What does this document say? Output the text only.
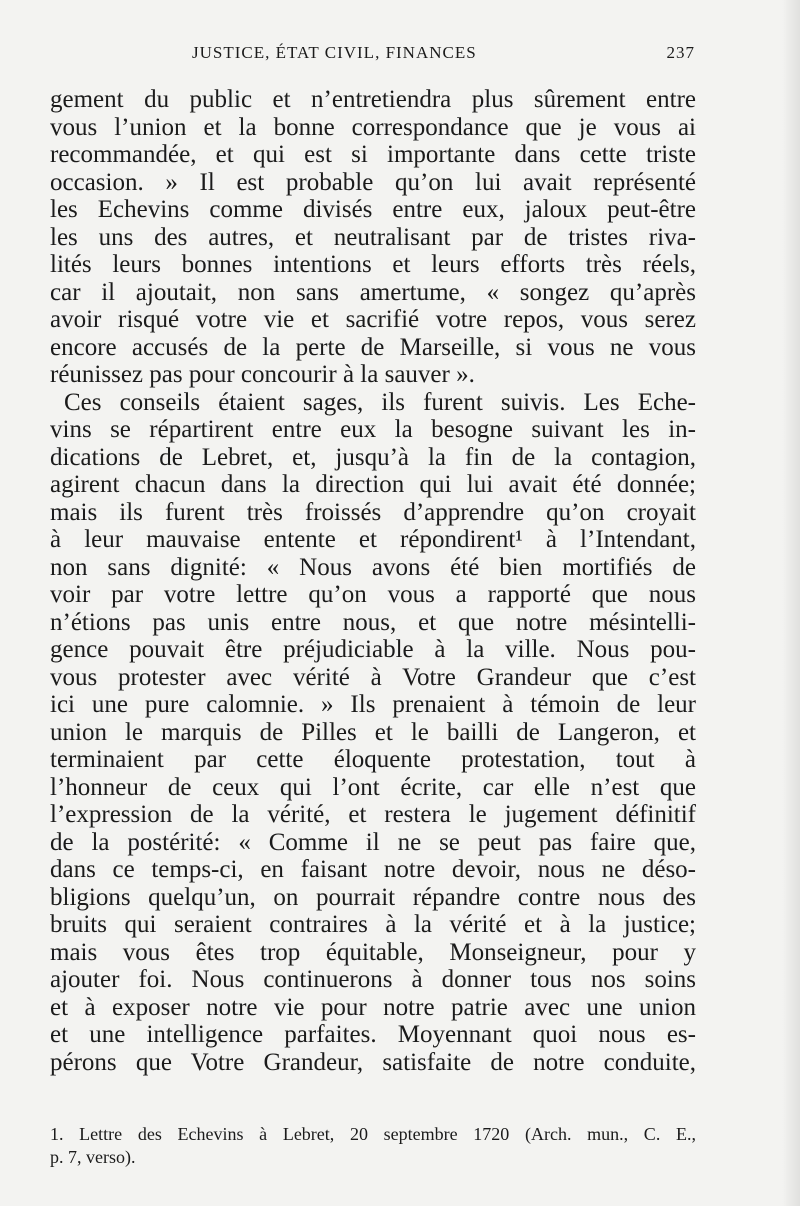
JUSTICE, ÉTAT CIVIL, FINANCES	237
gement du public et n’entretiendra plus sûrement entre
vous l’union et la bonne correspondance que je vous ai
recommandée, et qui est si importante dans cette triste
occasion. » Il est probable qu’on lui avait représenté
les Echevins comme divisés entre eux, jaloux peut-être
les uns des autres, et neutralisant par de tristes riva-
lités leurs bonnes intentions et leurs efforts très réels,
car il ajoutait, non sans amertume, « songez qu’après
avoir risqué votre vie et sacrifié votre repos, vous serez
encore accusés de la perte de Marseille, si vous ne vous
réunissez pas pour concourir à la sauver ».
Ces conseils étaient sages, ils furent suivis. Les Eche-
vins se répartirent entre eux la besogne suivant les in-
dications de Lebret, et, jusqu’à la fin de la contagion,
agirent chacun dans la direction qui lui avait été donnée;
mais ils furent très froissés d’apprendre qu’on croyait
à leur mauvaise entente et répondirent¹ à l’Intendant,
non sans dignité: « Nous avons été bien mortifiés de
voir par votre lettre qu’on vous a rapporté que nous
n’étions pas unis entre nous, et que notre mésintelli-
gence pouvait être préjudiciable à la ville. Nous pou-
vous protester avec vérité à Votre Grandeur que c’est
ici une pure calomnie. » Ils prenaient à témoin de leur
union le marquis de Pilles et le bailli de Langeron, et
terminaient par cette éloquente protestation, tout à
l’honneur de ceux qui l’ont écrite, car elle n’est que
l’expression de la vérité, et restera le jugement définitif
de la postérité: « Comme il ne se peut pas faire que,
dans ce temps-ci, en faisant notre devoir, nous ne déso-
bligions quelqu’un, on pourrait répandre contre nous des
bruits qui seraient contraires à la vérité et à la justice;
mais vous êtes trop équitable, Monseigneur, pour y
ajouter foi. Nous continuerons à donner tous nos soins
et à exposer notre vie pour notre patrie avec une union
et une intelligence parfaites. Moyennant quoi nous es-
pérons que Votre Grandeur, satisfaite de notre conduite,
1. Lettre des Echevins à Lebret, 20 septembre 1720 (Arch. mun., C. E.,
p. 7, verso).
